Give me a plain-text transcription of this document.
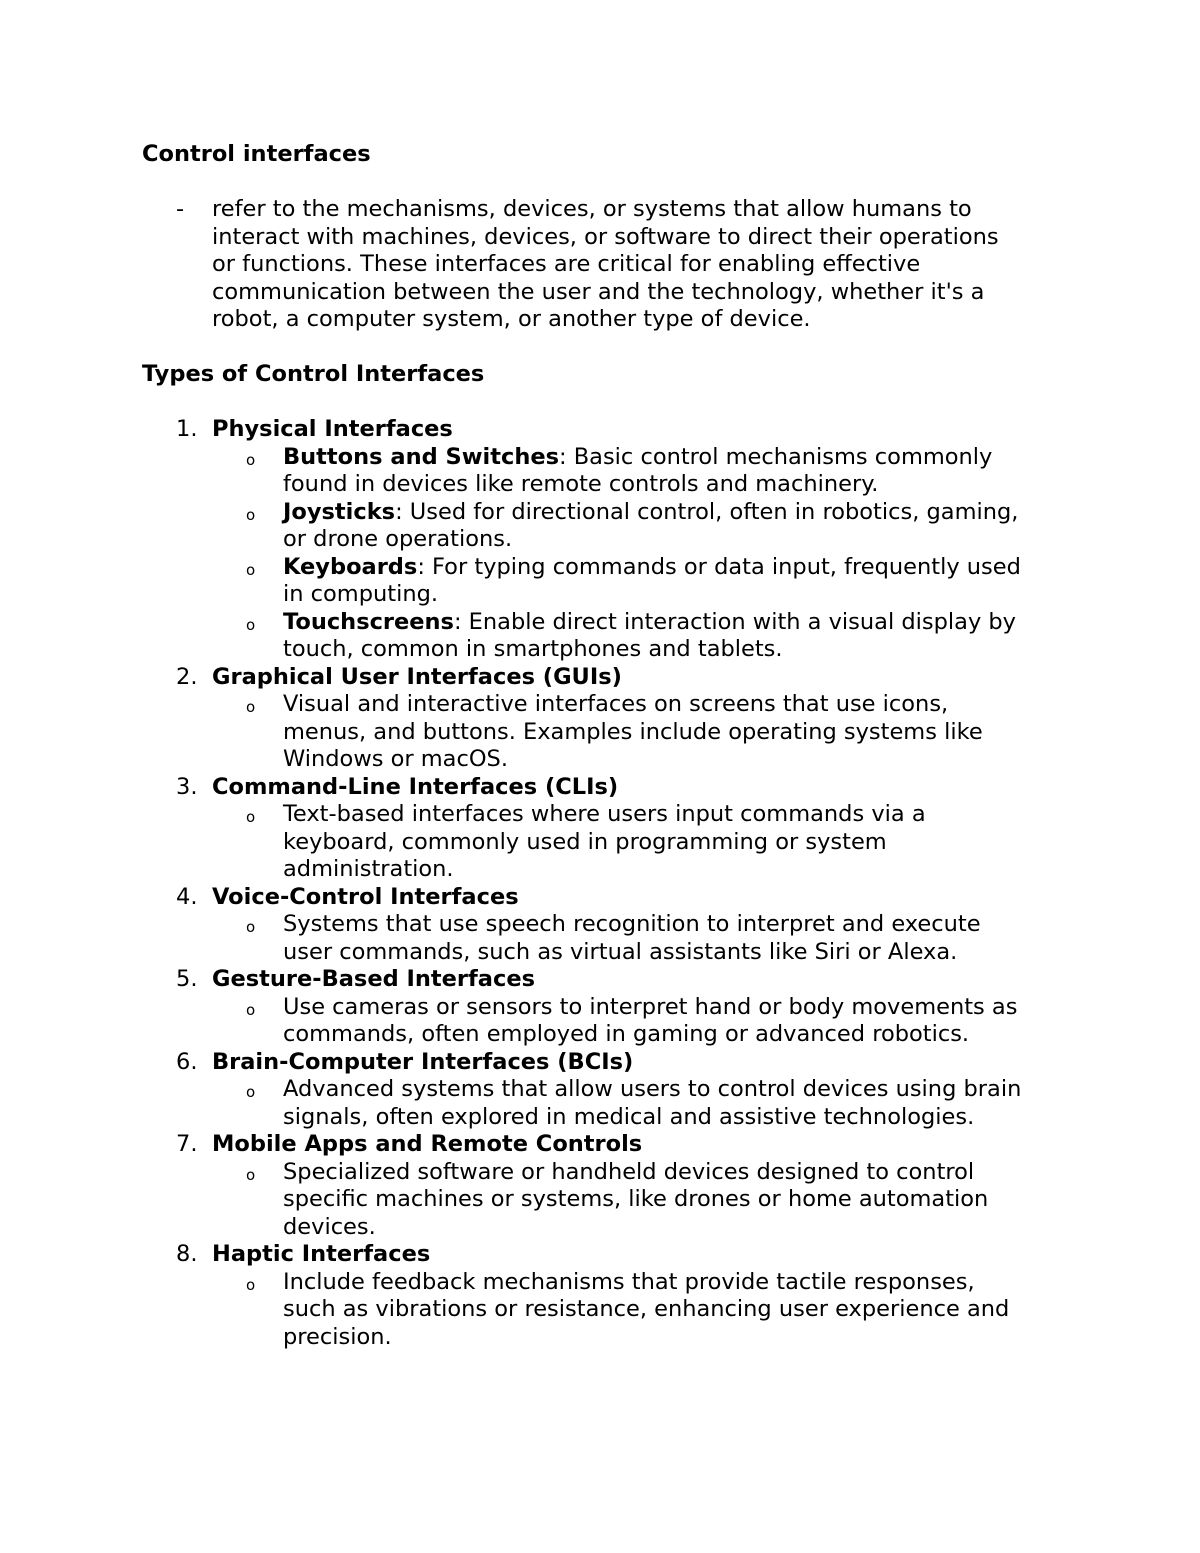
Control interfaces
- refer to the mechanisms, devices, or systems that allow humans to
interact with machines, devices, or software to direct their operations
or functions. These interfaces are critical for enabling effective
communication between the user and the technology, whether it's a
robot, a computer system, or another type of device.
Types of Control Interfaces
1. Physical Interfaces
o Buttons and Switches: Basic control mechanisms commonly
found in devices like remote controls and machinery.
o Joysticks: Used for directional control, often in robotics, gaming,
or drone operations.
o Keyboards: For typing commands or data input, frequently used
in computing.
o Touchscreens: Enable direct interaction with a visual display by
touch, common in smartphones and tablets.
2. Graphical User Interfaces (GUIs)
o Visual and interactive interfaces on screens that use icons,
menus, and buttons. Examples include operating systems like
Windows or macOS.
3. Command-Line Interfaces (CLIs)
o Text-based interfaces where users input commands via a
keyboard, commonly used in programming or system
administration.
4. Voice-Control Interfaces
o Systems that use speech recognition to interpret and execute
user commands, such as virtual assistants like Siri or Alexa.
5. Gesture-Based Interfaces
o Use cameras or sensors to interpret hand or body movements as
commands, often employed in gaming or advanced robotics.
6. Brain-Computer Interfaces (BCIs)
o Advanced systems that allow users to control devices using brain
signals, often explored in medical and assistive technologies.
7. Mobile Apps and Remote Controls
o Specialized software or handheld devices designed to control
specific machines or systems, like drones or home automation
devices.
8. Haptic Interfaces
o Include feedback mechanisms that provide tactile responses,
such as vibrations or resistance, enhancing user experience and
precision.
